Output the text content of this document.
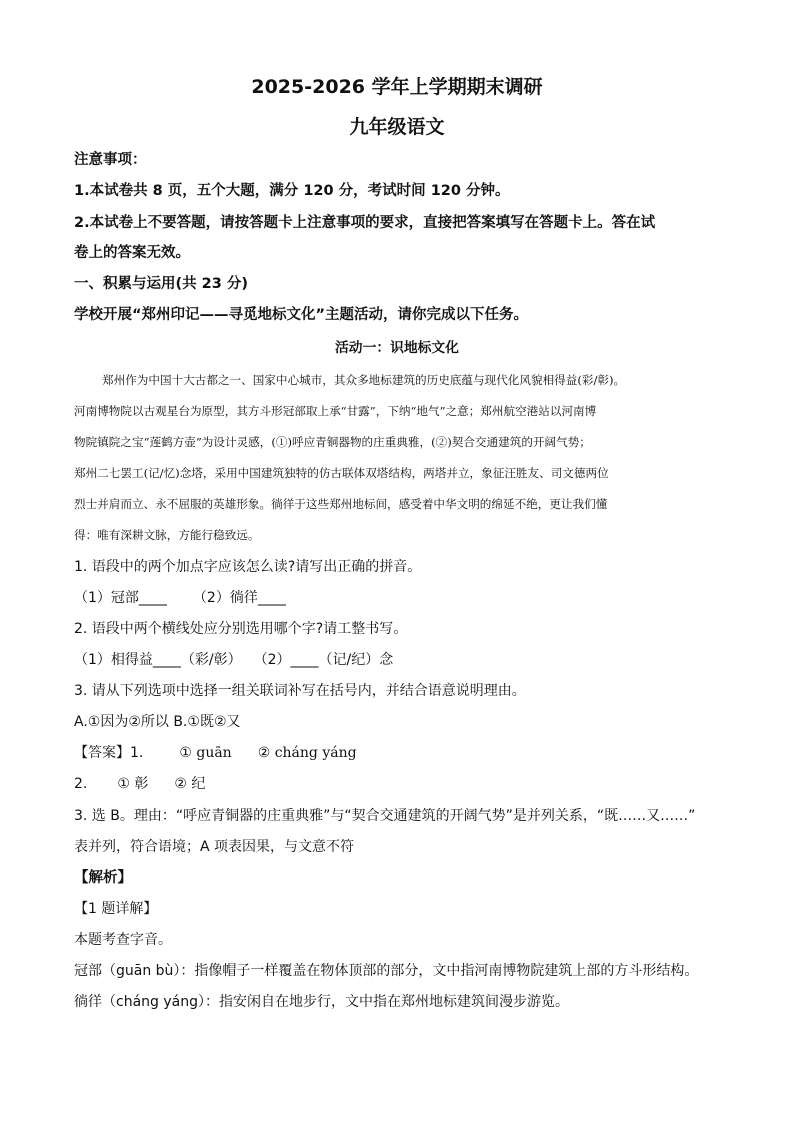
2025-2026 学年上学期期末调研
九年级语文
注意事项：
1.本试卷共 8 页，五个大题，满分 120 分，考试时间 120 分钟。
2.本试卷上不要答题，请按答题卡上注意事项的要求，直接把答案填写在答题卡上。答在试
卷上的答案无效。
一、积累与运用(共 23 分)
学校开展“郑州印记——寻觅地标文化”主题活动，请你完成以下任务。
活动一：识地标文化
郑州作为中国十大古都之一、国家中心城市，其众多地标建筑的历史底蕴与现代化风貌相得益(彩/彰)。
河南博物院以古观星台为原型，其方斗形冠部取上承“甘露”，下纳“地气”之意；郑州航空港站以河南博
物院镇院之宝“莲鹤方壶”为设计灵感，(①)呼应青铜器物的庄重典雅，(②)契合交通建筑的开阔气势；
郑州二七罢工(记/忆)念塔，采用中国建筑独特的仿古联体双塔结构，两塔并立，象征汪胜友、司文德两位
烈士并肩而立、永不屈服的英雄形象。徜徉于这些郑州地标间，感受着中华文明的绵延不绝，更让我们懂
得：唯有深耕文脉，方能行稳致远。
1. 语段中的两个加点字应该怎么读?请写出正确的拼音。
（1）冠部____ （2）徜徉____
2. 语段中两个横线处应分别选用哪个字?请工整书写。
（1）相得益____（彩/彰） （2）____（记/纪）念
3. 请从下列选项中选择一组关联词补写在括号内，并结合语意说明理由。
A.①因为②所以 B.①既②又
【答案】1.	① guān ② cháng yáng
2. ① 彰 ② 纪
3. 选 B。理由：“呼应青铜器的庄重典雅”与“契合交通建筑的开阔气势”是并列关系，“既……又……”
表并列，符合语境；A 项表因果，与文意不符
【解析】
【1 题详解】
本题考查字音。
冠部（guān bù）：指像帽子一样覆盖在物体顶部的部分，文中指河南博物院建筑上部的方斗形结构。
徜徉（cháng yáng）：指安闲自在地步行，文中指在郑州地标建筑间漫步游览。
